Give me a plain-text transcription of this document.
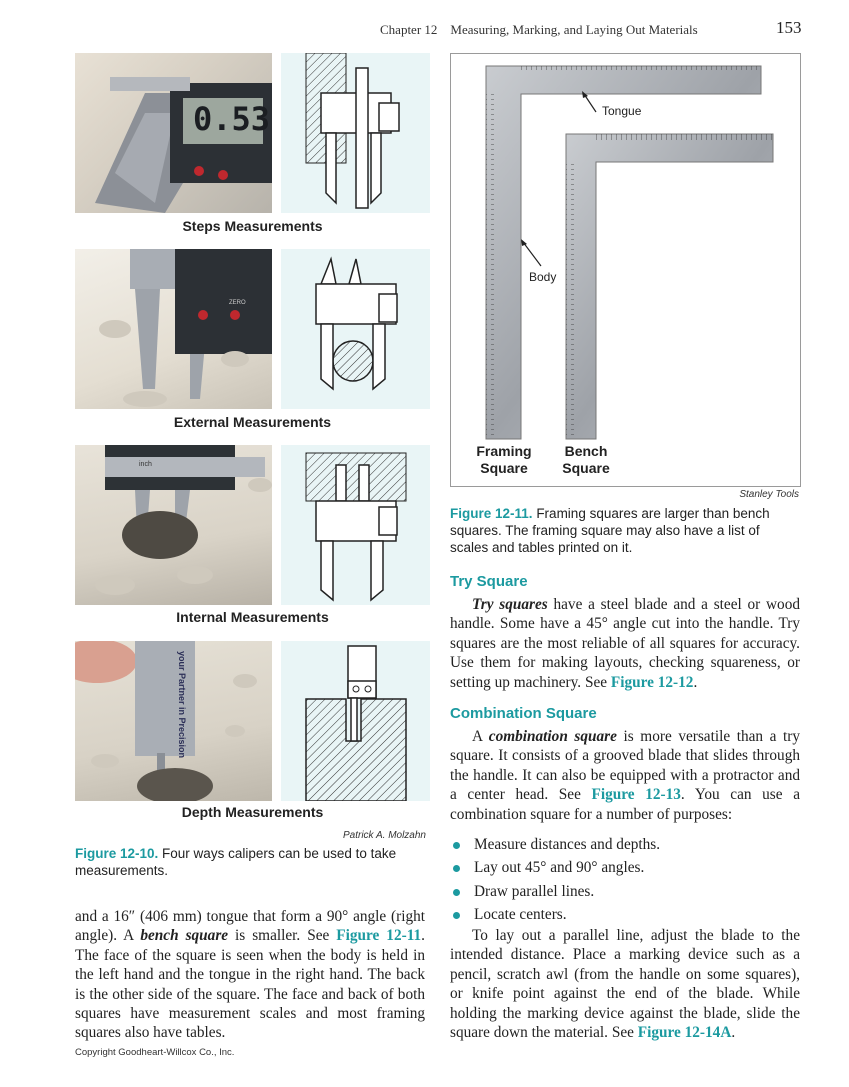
Chapter 12 Measuring, Marking, and Laying Out Materials	153
0.53
Steps Measurements
ZERO
External Measurements
inch
Internal Measurements
your Partner in Precision
Depth Measurements
Patrick A. Molzahn
Figure 12-10. Four ways calipers can be used to take measurements.

and a 16″ (406 mm) tongue that form a 90° angle (right angle). A bench square is smaller. See Figure 12-11. The face of the square is seen when the body is held in the left hand and the tongue in the right hand. The back is the other side of the square. The face and back of both squares have measurement scales and most framing squares also have tables.

Tongue
Body
Framing
Square
Bench
Square
Stanley Tools
Figure 12-11. Framing squares are larger than bench squares. The framing square may also have a list of scales and tables printed on it.
Try Square

Try squares have a steel blade and a steel or wood handle. Some have a 45° angle cut into the handle. Try squares are the most reliable of all squares for accuracy. Use them for making layouts, checking squareness, or setting up machinery. See Figure 12-12.

Combination Square

A combination square is more versatile than a try square. It consists of a grooved blade that slides through the handle. It can also be equipped with a protractor and a center head. See Figure 12-13. You can use a combination square for a number of purposes:

Measure distances and depths.
Lay out 45° and 90° angles.
Draw parallel lines.
Locate centers.

To lay out a parallel line, adjust the blade to the intended distance. Place a marking device such as a pencil, scratch awl (from the handle on some squares), or knife point against the end of the blade. While holding the marking device against the blade, slide the square down the material. See Figure 12-14A.

Copyright Goodheart-Willcox Co., Inc.
